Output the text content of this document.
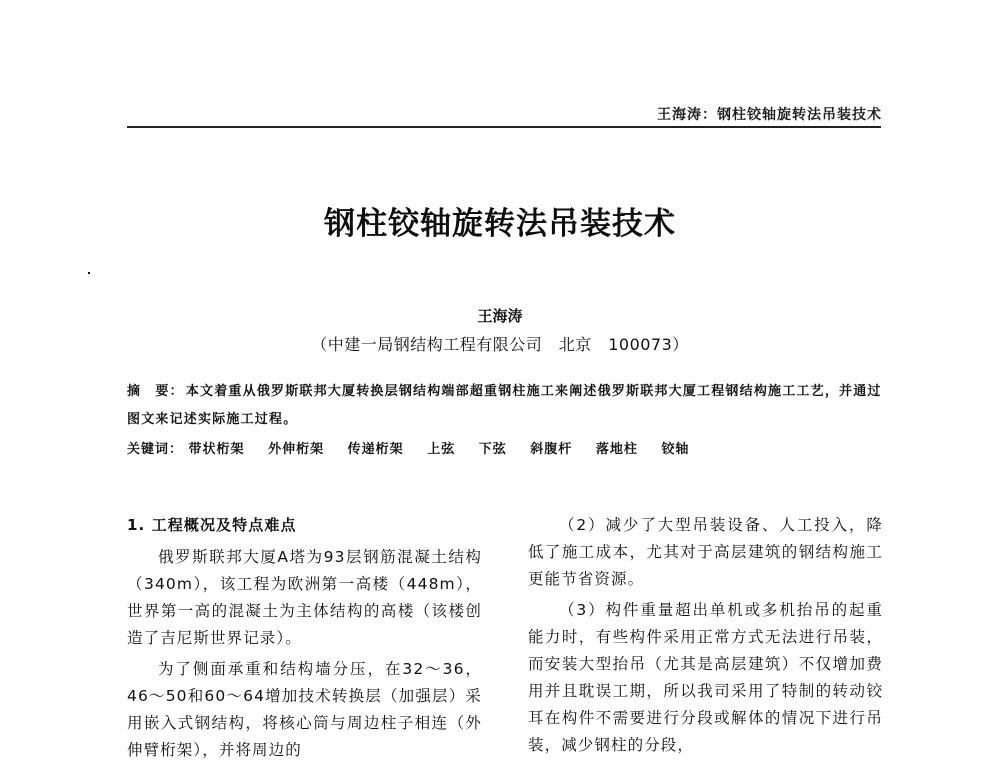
王海涛：钢柱铰轴旋转法吊装技术
钢柱铰轴旋转法吊装技术
王海涛
（中建一局钢结构工程有限公司　北京　100073）
摘　要： 本文着重从俄罗斯联邦大厦转换层钢结构端部超重钢柱施工来阐述俄罗斯联邦大厦工程钢结构施工工艺，并通过图文来记述实际施工过程。
关键词： 带状桁架 外伸桁架 传递桁架 上弦 下弦 斜腹杆 落地柱 铰轴
1. 工程概况及特点难点

俄罗斯联邦大厦A塔为93层钢筋混凝土结构（340m），该工程为欧洲第一高楼（448m），世界第一高的混凝土为主体结构的高楼（该楼创造了吉尼斯世界记录）。

为了侧面承重和结构墙分压，在32～36，46～50和60～64增加技术转换层（加强层）采用嵌入式钢结构，将核心筒与周边柱子相连（外伸臂桁架），并将周边的

（2）减少了大型吊装设备、人工投入，降低了施工成本，尤其对于高层建筑的钢结构施工更能节省资源。

（3）构件重量超出单机或多机抬吊的起重能力时，有些构件采用正常方式无法进行吊装，而安装大型抬吊（尤其是高层建筑）不仅增加费用并且耽误工期，所以我司采用了特制的转动铰耳在构件不需要进行分段或解体的情况下进行吊装，减少钢柱的分段，
